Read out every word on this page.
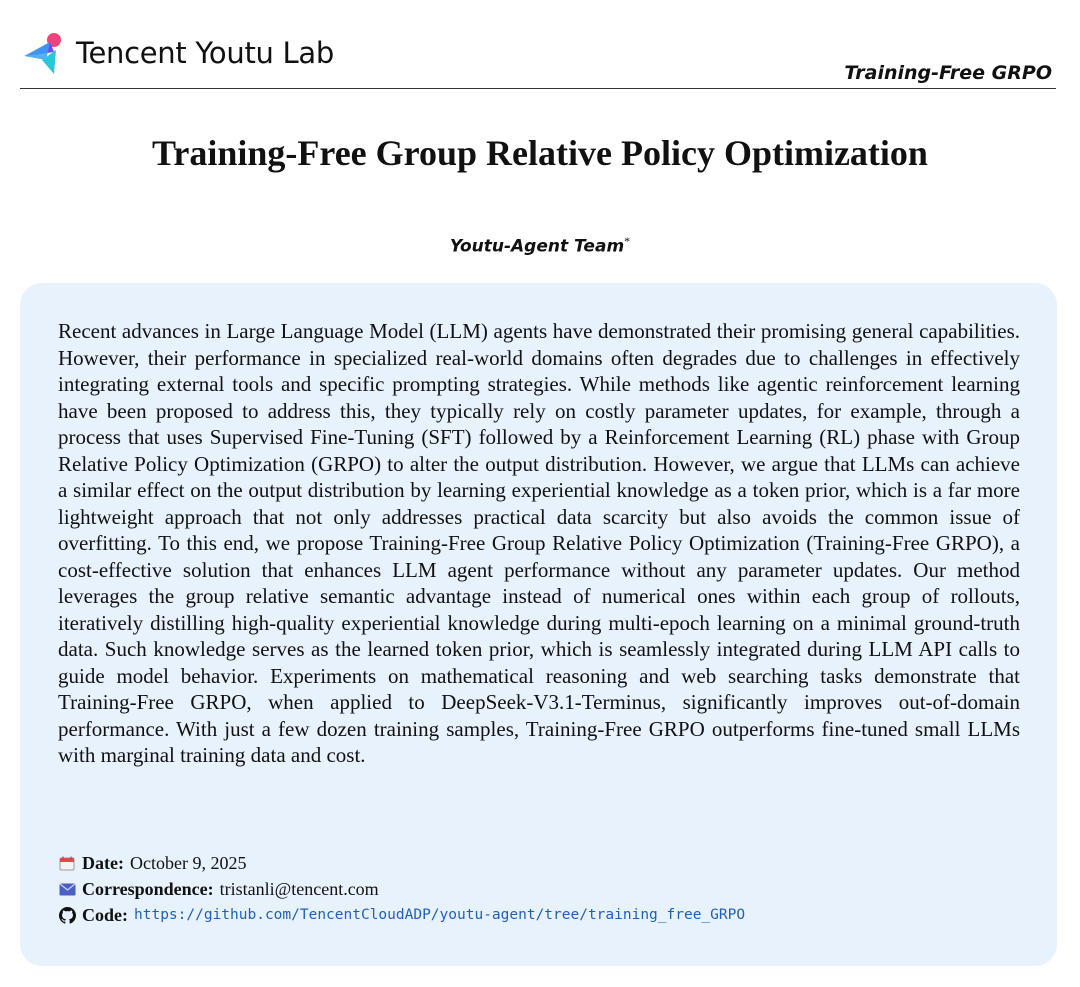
Tencent Youtu Lab
Training-Free GRPO
Training-Free Group Relative Policy Optimization
Youtu-Agent Team*

Recent advances in Large Language Model (LLM) agents have demonstrated their promising general capabilities. However, their performance in specialized real-world domains often degrades due to challenges in effectively integrating external tools and specific prompting strategies. While methods like agentic reinforcement learning have been proposed to address this, they typically rely on costly parameter updates, for example, through a process that uses Supervised Fine-Tuning (SFT) followed by a Reinforcement Learning (RL) phase with Group Relative Policy Optimization (GRPO) to alter the output distribution. However, we argue that LLMs can achieve a similar effect on the output distribution by learning experiential knowledge as a token prior, which is a far more lightweight approach that not only addresses practical data scarcity but also avoids the common issue of overfitting. To this end, we propose Training-Free Group Relative Policy Optimization (Training-Free GRPO), a cost-effective solution that enhances LLM agent performance without any parameter updates. Our method leverages the group relative semantic advantage instead of numerical ones within each group of rollouts, iteratively distilling high-quality experiential knowledge during multi-epoch learning on a minimal ground-truth data. Such knowledge serves as the learned token prior, which is seamlessly integrated during LLM API calls to guide model behavior. Experiments on mathematical reasoning and web searching tasks demonstrate that Training-Free GRPO, when applied to DeepSeek-V3.1-Terminus, significantly improves out-of-domain performance. With just a few dozen training samples, Training-Free GRPO outperforms fine-tuned small LLMs with marginal training data and cost.

Date: October 9, 2025
Correspondence: tristanli@tencent.com
Code: https://github.com/TencentCloudADP/youtu-agent/tree/training_free_GRPO
